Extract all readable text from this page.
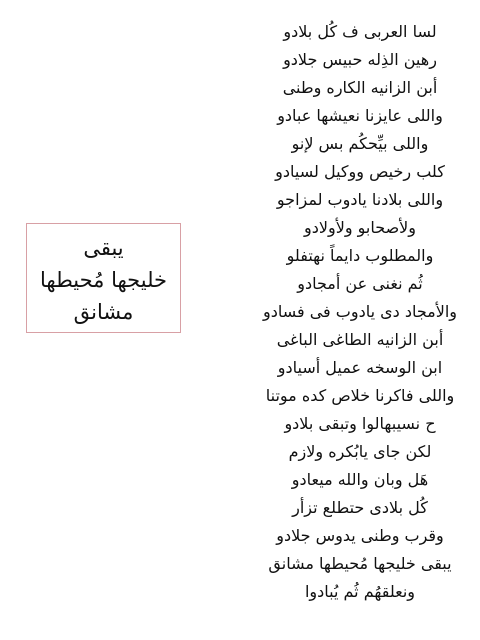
لسا العربى ف كُل بلادو
رهين الذِله حبيس جلادو
أبن الزانيه الكاره وطنى
واللى عايزنا نعيشها عبادو
واللى بيِّحكُم بس لإنو
كلب رخيص ووكيل لسيادو
واللى بلادنا يادوب لمزاجو
ولأصحابو ولأولادو
والمطلوب دايماً نهتفلو
ثُم نغنى عن أمجادو
والأمجاد دى يادوب فى فسادو
أبن الزانيه الطاغى الباغى
ابن الوسخه عميل أسيادو
واللى فاكرنا خلاص كده موتنا
ح نسيبهالوا وتبقى بلادو
لكن جاى يابُكره ولازم
هَل وبان والله ميعادو
كُل بلادى حتطلع تزأر
وقرب وطنى يدوس جلادو
يبقى خليجها مُحيطها مشانق
ونعلقهُم ثُم يُبادوا
يبقى
خليجها مُحيطها
مشانق
